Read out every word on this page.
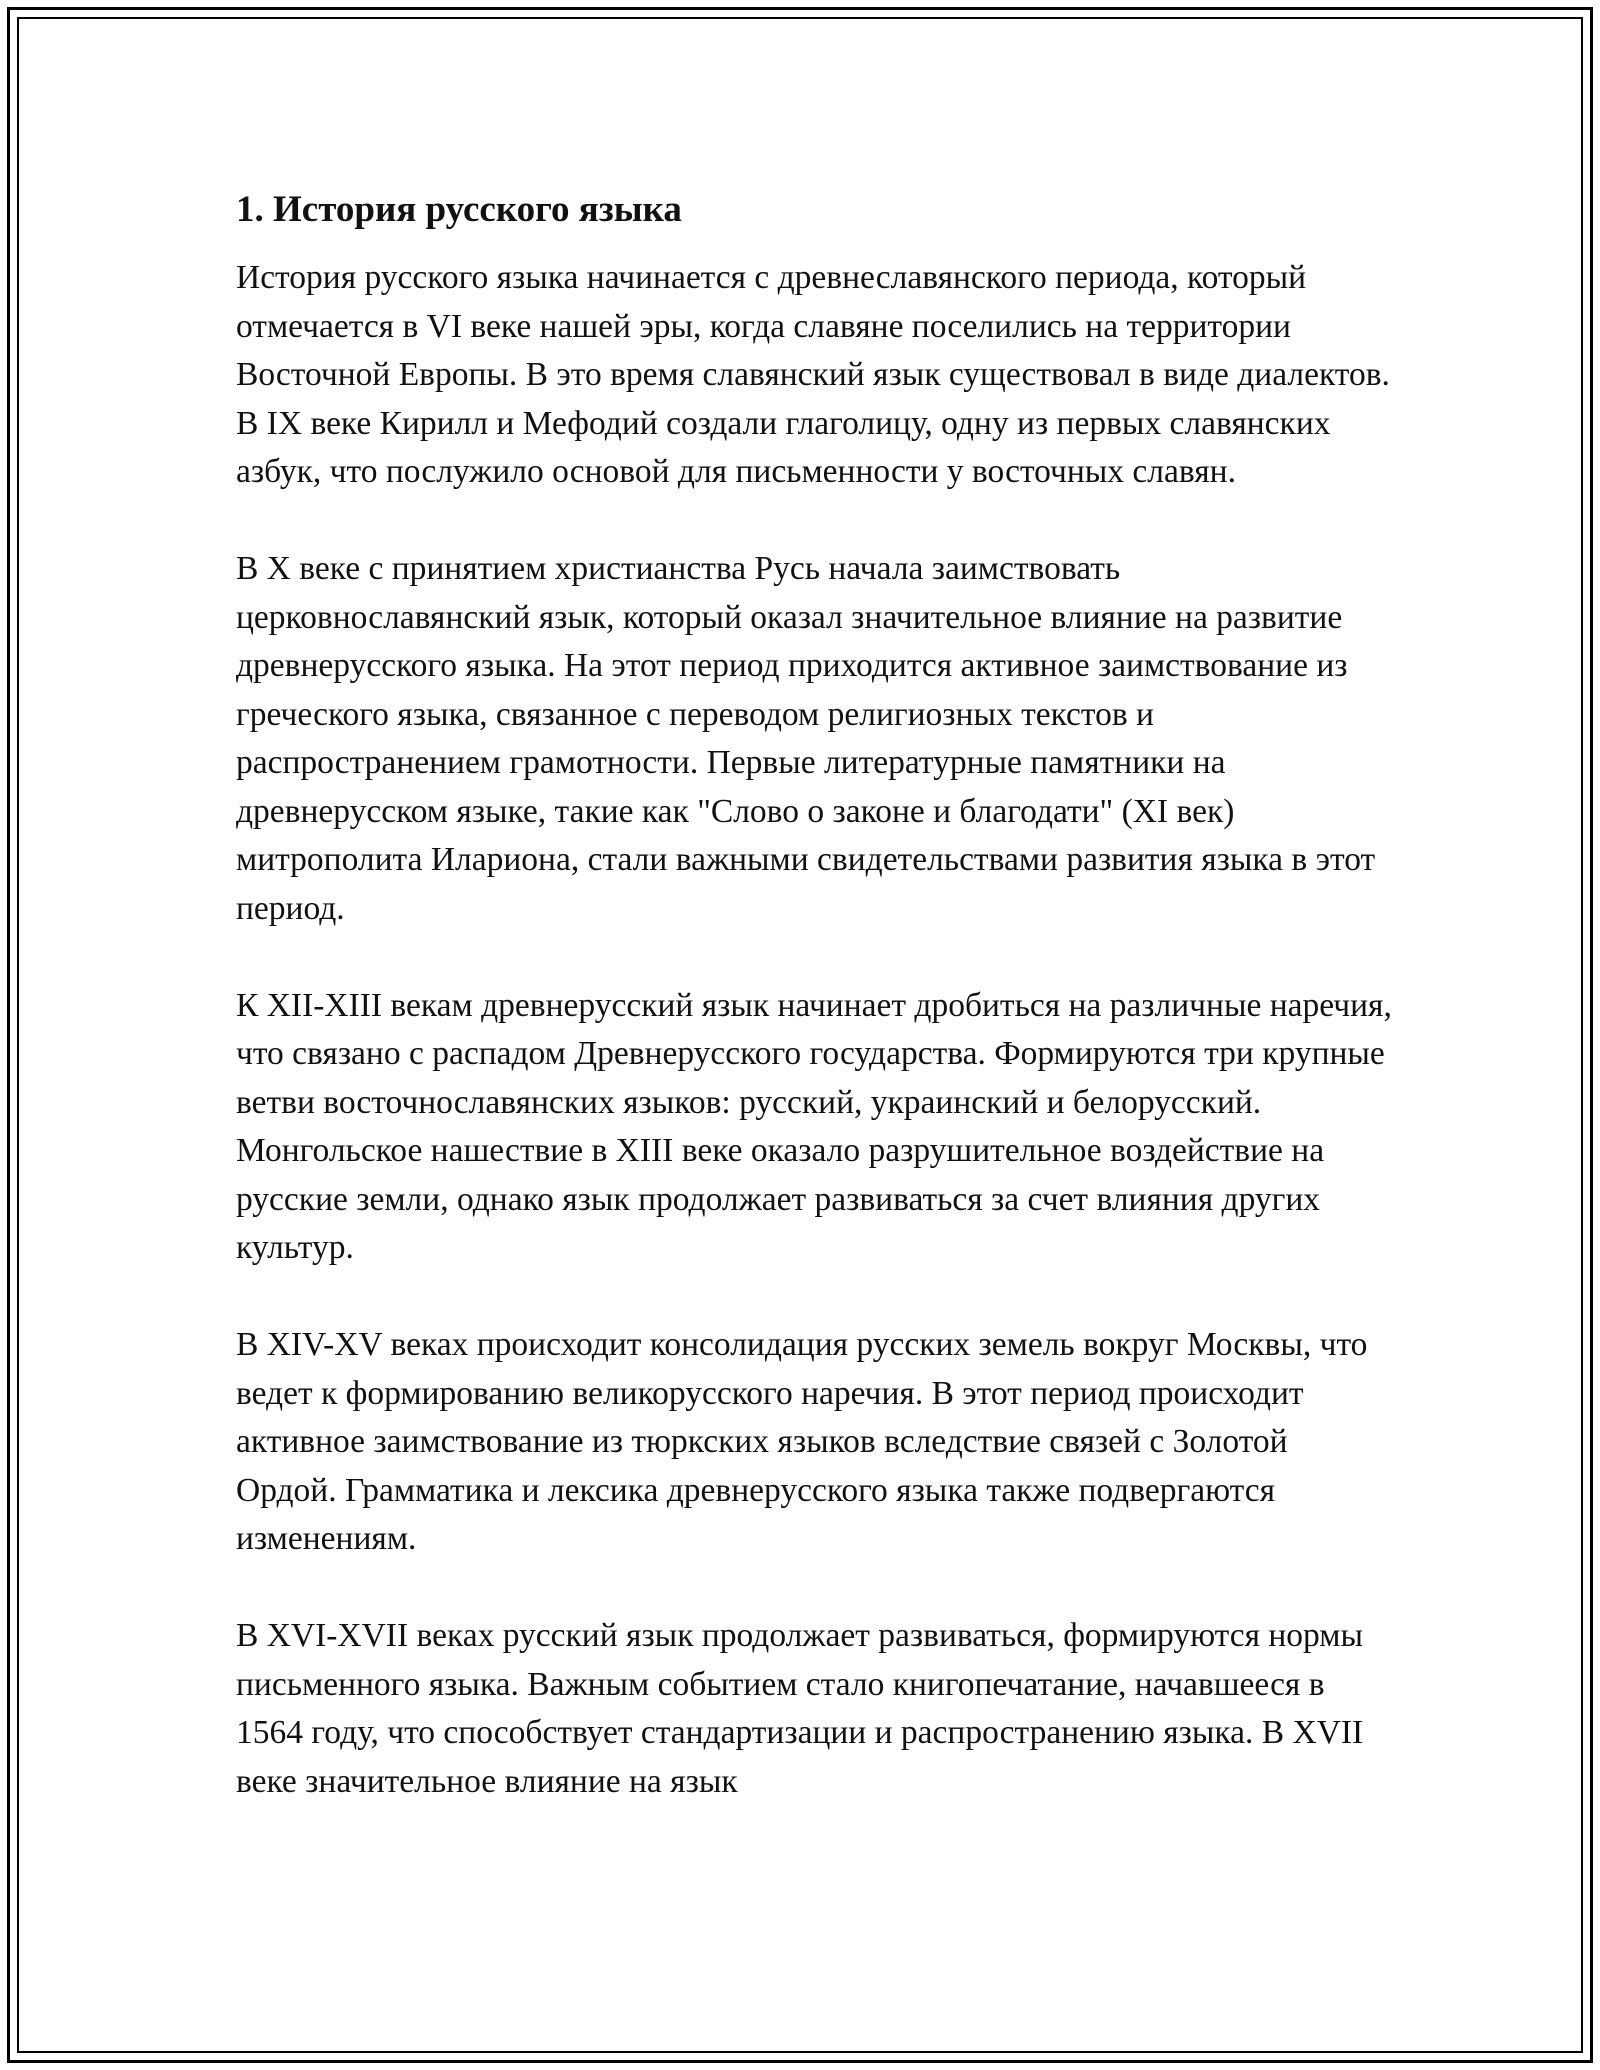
1. История русского языка

История русского языка начинается с древнеславянского периода, который отмечается в VI веке нашей эры, когда славяне поселились на территории Восточной Европы. В это время славянский язык существовал в виде диалектов. В IX веке Кирилл и Мефодий создали глаголицу, одну из первых славянских азбук, что послужило основой для письменности у восточных славян.

В X веке с принятием христианства Русь начала заимствовать церковнославянский язык, который оказал значительное влияние на развитие древнерусского языка. На этот период приходится активное заимствование из греческого языка, связанное с переводом религиозных текстов и распространением грамотности. Первые литературные памятники на древнерусском языке, такие как "Слово о законе и благодати" (XI век) митрополита Илариона, стали важными свидетельствами развития языка в этот период.

К XII-XIII векам древнерусский язык начинает дробиться на различные наречия, что связано с распадом Древнерусского государства. Формируются три крупные ветви восточнославянских языков: русский, украинский и белорусский. Монгольское нашествие в XIII веке оказало разрушительное воздействие на русские земли, однако язык продолжает развиваться за счет влияния других культур.

В XIV-XV веках происходит консолидация русских земель вокруг Москвы, что ведет к формированию великорусского наречия. В этот период происходит активное заимствование из тюркских языков вследствие связей с Золотой Ордой. Грамматика и лексика древнерусского языка также подвергаются изменениям.

В XVI-XVII веках русский язык продолжает развиваться, формируются нормы письменного языка. Важным событием стало книгопечатание, начавшееся в 1564 году, что способствует стандартизации и распространению языка. В XVII веке значительное влияние на язык
